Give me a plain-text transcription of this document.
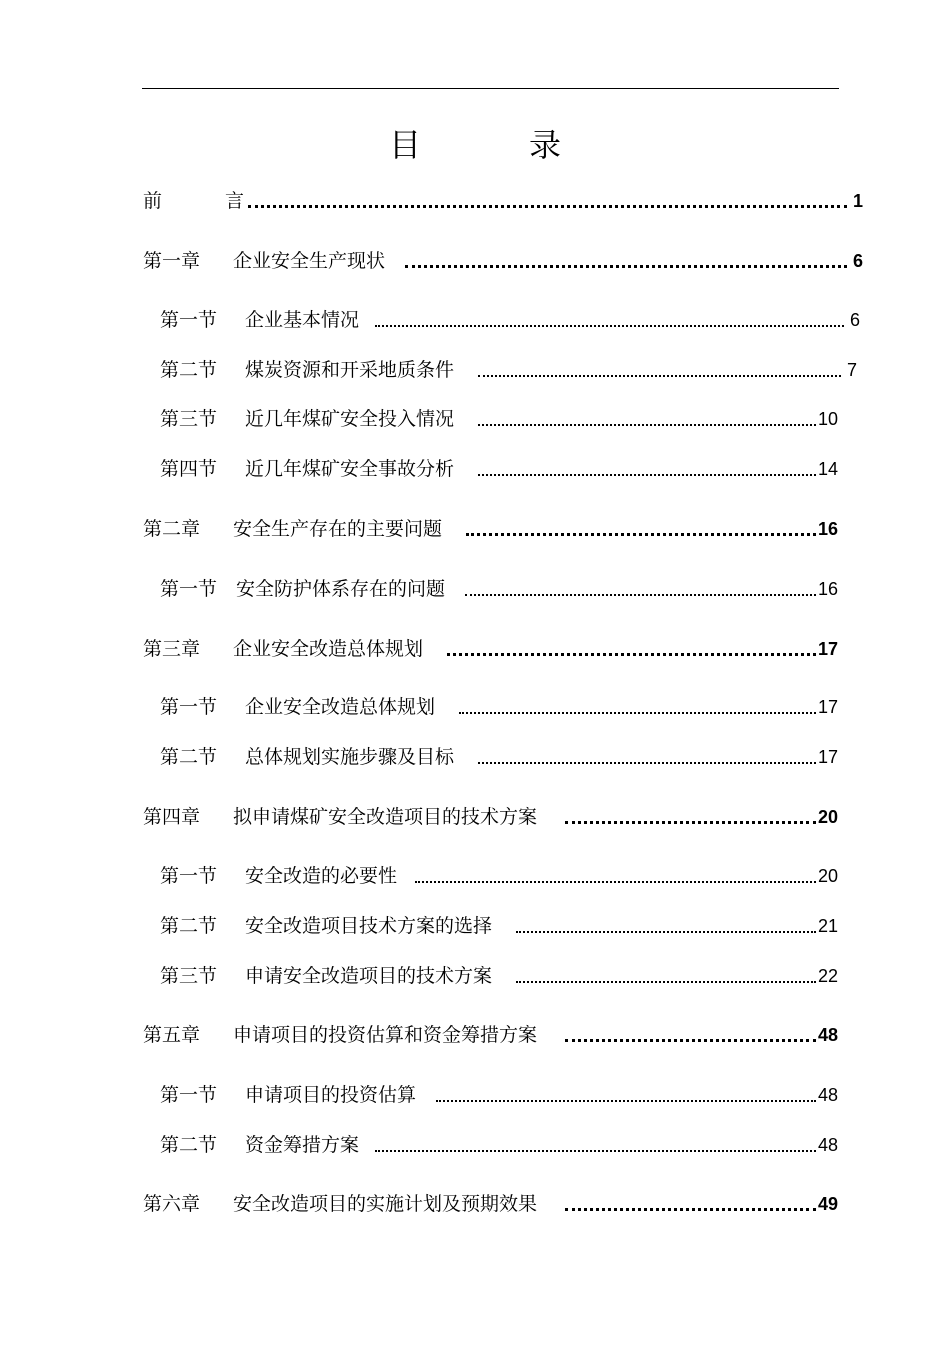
目　录
前	言	1
第一章 企业安全生产现状	6
第一节 企业基本情况	6
第二节 煤炭资源和开采地质条件	7
第三节 近几年煤矿安全投入情况	10
第四节 近几年煤矿安全事故分析	14
第二章 安全生产存在的主要问题	16
第一节 安全防护体系存在的问题	16
第三章 企业安全改造总体规划	17
第一节 企业安全改造总体规划	17
第二节 总体规划实施步骤及目标	17
第四章 拟申请煤矿安全改造项目的技术方案	20
第一节 安全改造的必要性	20
第二节 安全改造项目技术方案的选择	21
第三节 申请安全改造项目的技术方案	22
第五章 申请项目的投资估算和资金筹措方案	48
第一节 申请项目的投资估算	48
第二节 资金筹措方案	48
第六章 安全改造项目的实施计划及预期效果	49
